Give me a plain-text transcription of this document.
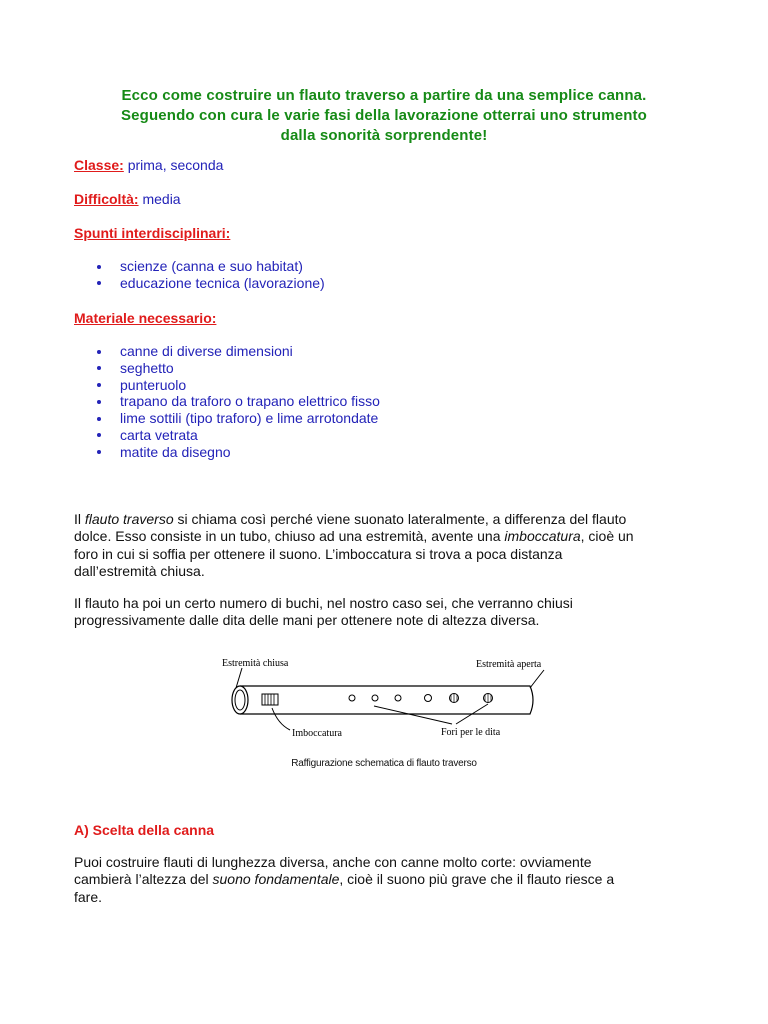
Ecco come costruire un flauto traverso a partire da una semplice canna.
Seguendo con cura le varie fasi della lavorazione otterrai uno strumento
dalla sonorità sorprendente!
Classe: prima, seconda
Difficoltà: media
Spunti interdisciplinari:
scienze (canna e suo habitat)
educazione tecnica (lavorazione)
Materiale necessario:
canne di diverse dimensioni
seghetto
punteruolo
trapano da traforo o trapano elettrico fisso
lime sottili (tipo traforo) e lime arrotondate
carta vetrata
matite da disegno
Il flauto traverso si chiama così perché viene suonato lateralmente, a differenza del flauto
dolce. Esso consiste in un tubo, chiuso ad una estremità, avente una imboccatura, cioè un
foro in cui si soffia per ottenere il suono. L’imboccatura si trova a poca distanza
dall’estremità chiusa.
Il flauto ha poi un certo numero di buchi, nel nostro caso sei, che verranno chiusi
progressivamente dalle dita delle mani per ottenere note di altezza diversa.
Estremità chiusa	Estremità aperta
Imboccatura	Fori per le dita
Raffigurazione schematica di flauto traverso
A) Scelta della canna
Puoi costruire flauti di lunghezza diversa, anche con canne molto corte: ovviamente
cambierà l’altezza del suono fondamentale, cioè il suono più grave che il flauto riesce a
fare.
